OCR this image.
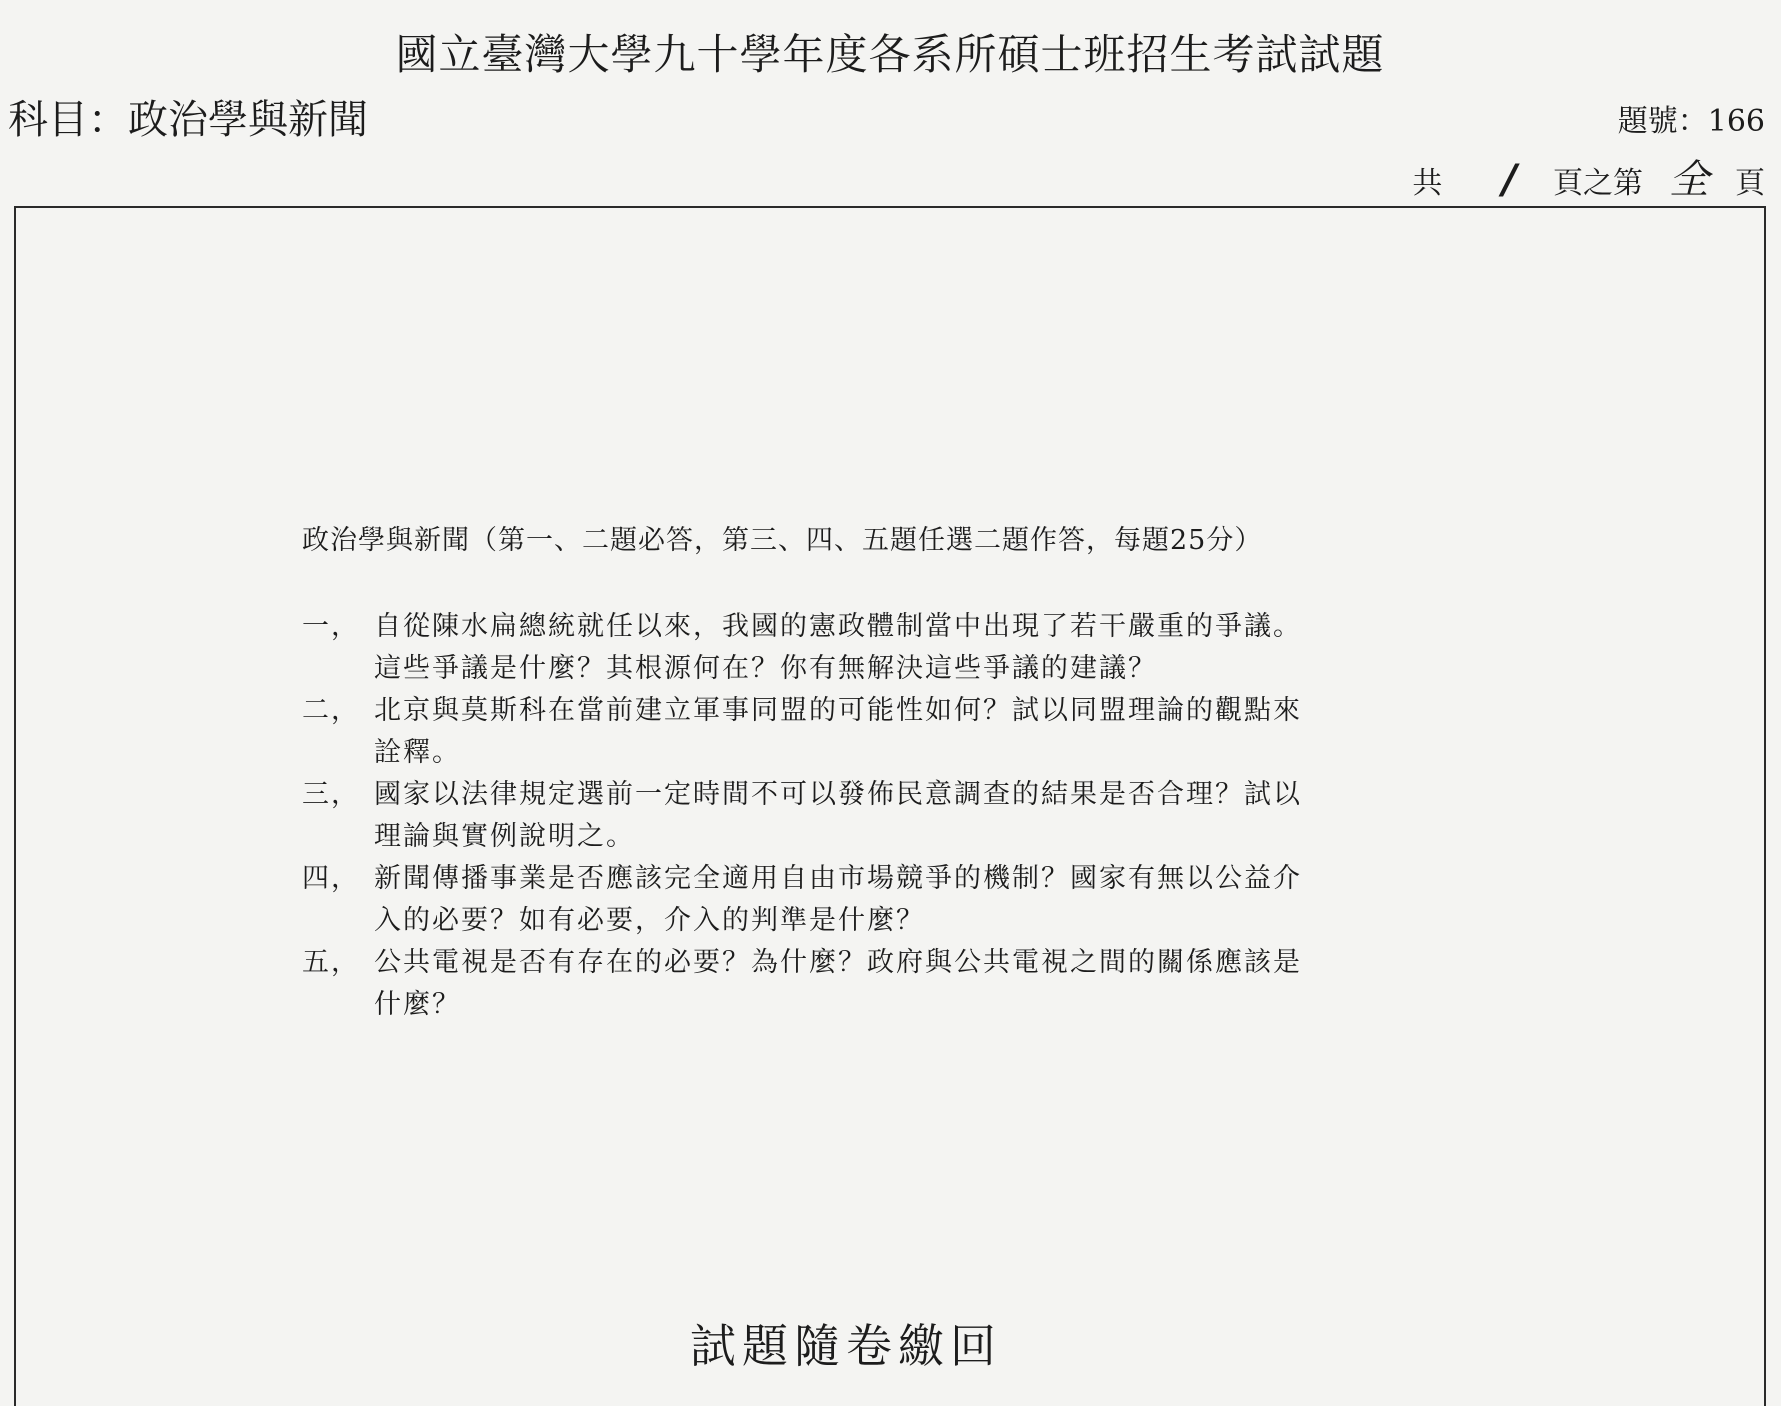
國立臺灣大學九十學年度各系所碩士班招生考試試題
科目：政治學與新聞	題號：166
共 / 頁之第 全 頁
政治學與新聞（第一、二題必答，第三、四、五題任選二題作答，每題25分）
一， 自從陳水扁總統就任以來，我國的憲政體制當中出現了若干嚴重的爭議。
這些爭議是什麼？其根源何在？你有無解決這些爭議的建議？
二， 北京與莫斯科在當前建立軍事同盟的可能性如何？試以同盟理論的觀點來
詮釋。
三， 國家以法律規定選前一定時間不可以發佈民意調查的結果是否合理？試以
理論與實例說明之。
四， 新聞傳播事業是否應該完全適用自由市場競爭的機制？國家有無以公益介
入的必要？如有必要，介入的判準是什麼？
五， 公共電視是否有存在的必要？為什麼？政府與公共電視之間的關係應該是
什麼？
試題隨卷繳回
